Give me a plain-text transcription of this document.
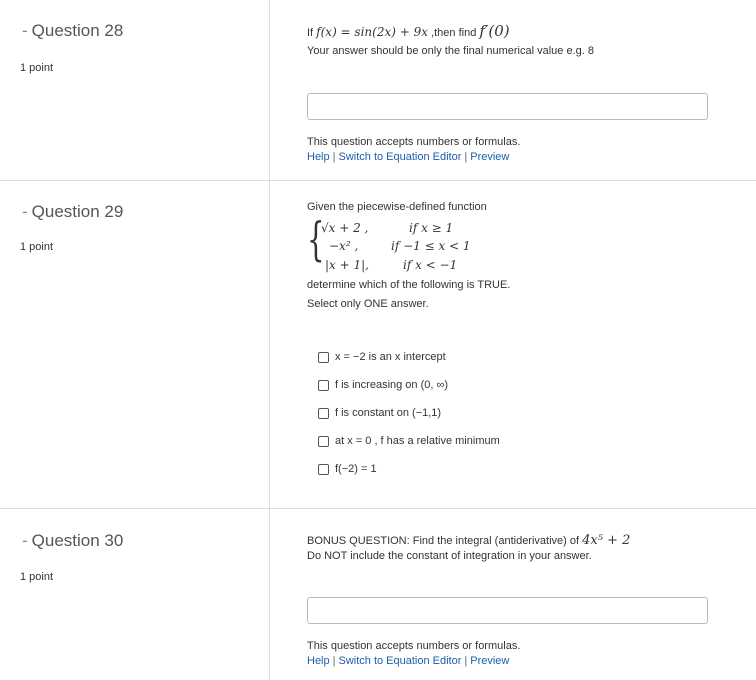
- Question 28
1 point
If f(x) = sin(2x) + 9x ,then find f′(0)
Your answer should be only the final numerical value e.g. 8
This question accepts numbers or formulas.
Help | Switch to Equation Editor | Preview
- Question 29
1 point
Given the piecewise-defined function
{
√x + 2 ,	if x ≥ 1
−x² ,	if −1 ≤ x < 1
|x + 1|,	if x < −1
determine which of the following is TRUE.
Select only ONE answer.
x = −2 is an x intercept
f is increasing on (0, ∞)
f is constant on (−1,1)
at x = 0 , f has a relative minimum
f(−2) = 1
- Question 30
1 point
BONUS QUESTION: Find the integral (antiderivative) of 4x⁵ + 2
Do NOT include the constant of integration in your answer.
This question accepts numbers or formulas.
Help | Switch to Equation Editor | Preview
